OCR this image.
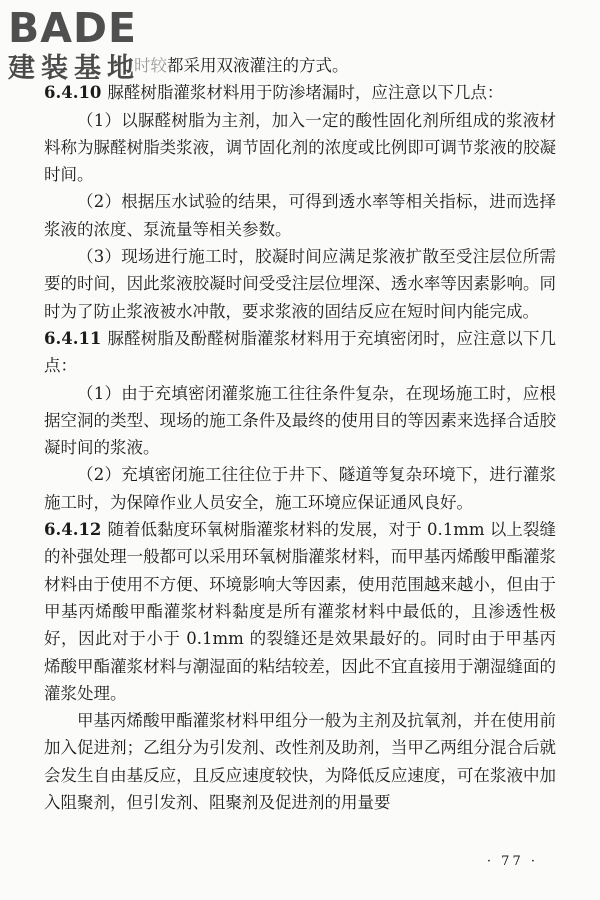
BADE
建装基地

时较都采用双液灌注的方式。

6.4.10 脲醛树脂灌浆材料用于防渗堵漏时，应注意以下几点：

（1）以脲醛树脂为主剂，加入一定的酸性固化剂所组成的浆液材料称为脲醛树脂类浆液，调节固化剂的浓度或比例即可调节浆液的胶凝时间。

（2）根据压水试验的结果，可得到透水率等相关指标，进而选择浆液的浓度、泵流量等相关参数。

（3）现场进行施工时，胶凝时间应满足浆液扩散至受注层位所需要的时间，因此浆液胶凝时间受受注层位埋深、透水率等因素影响。同时为了防止浆液被水冲散，要求浆液的固结反应在短时间内能完成。

6.4.11 脲醛树脂及酚醛树脂灌浆材料用于充填密闭时，应注意以下几点：

（1）由于充填密闭灌浆施工往往条件复杂，在现场施工时，应根据空洞的类型、现场的施工条件及最终的使用目的等因素来选择合适胶凝时间的浆液。

（2）充填密闭施工往往位于井下、隧道等复杂环境下，进行灌浆施工时，为保障作业人员安全，施工环境应保证通风良好。

6.4.12 随着低黏度环氧树脂灌浆材料的发展，对于 0.1mm 以上裂缝的补强处理一般都可以采用环氧树脂灌浆材料，而甲基丙烯酸甲酯灌浆材料由于使用不方便、环境影响大等因素，使用范围越来越小，但由于甲基丙烯酸甲酯灌浆材料黏度是所有灌浆材料中最低的，且渗透性极好，因此对于小于 0.1mm 的裂缝还是效果最好的。同时由于甲基丙烯酸甲酯灌浆材料与潮湿面的粘结较差，因此不宜直接用于潮湿缝面的灌浆处理。

甲基丙烯酸甲酯灌浆材料甲组分一般为主剂及抗氧剂，并在使用前加入促进剂；乙组分为引发剂、改性剂及助剂，当甲乙两组分混合后就会发生自由基反应，且反应速度较快，为降低反应速度，可在浆液中加入阻聚剂，但引发剂、阻聚剂及促进剂的用量要

· 77 ·
